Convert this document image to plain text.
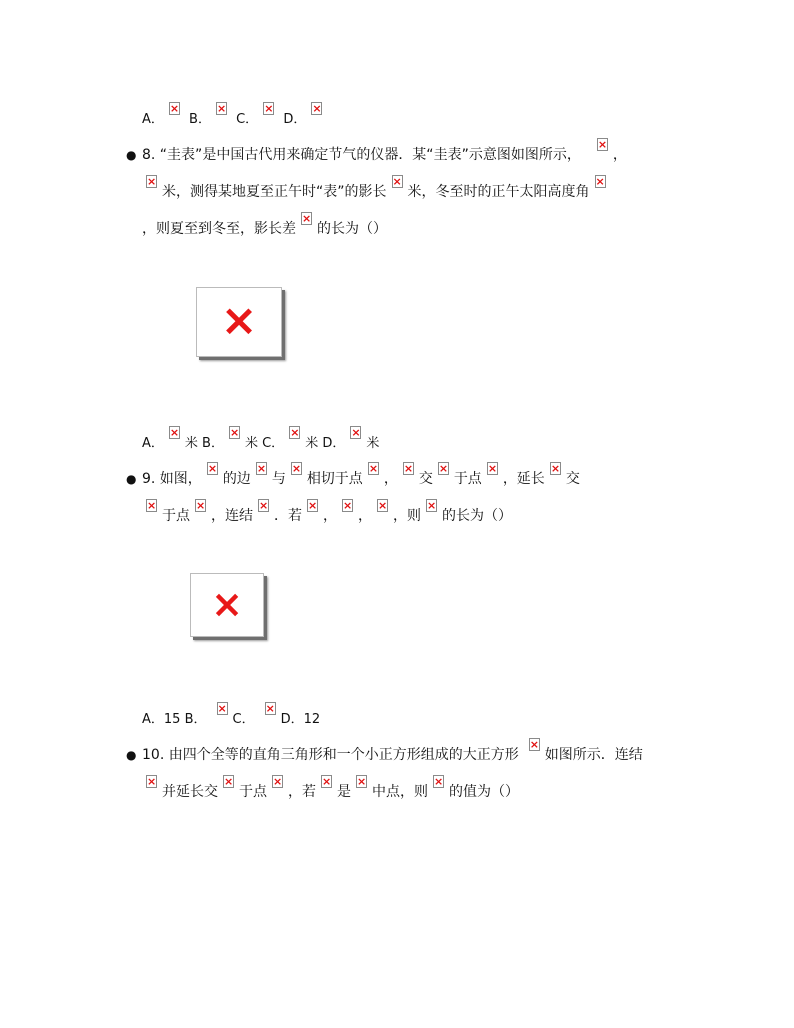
A．× B．× C．× D．×
● 8. “圭表”是中国古代用来确定节气的仪器．某“圭表”示意图如图所示，× ，
×米，测得某地夏至正午时“表”的影长× 米，冬至时的正午太阳高度角×
，则夏至到冬至，影长差× 的长为（）
×
A．× 米 B．× 米 C．× 米 D．× 米
● 9. 如图，× 的边× 与× 相切于点× ，× 交× 于点× ，延长× 交
×于点× ，连结× ．若× ，× ，× ，则× 的长为（）
×
A．15 B．× C．× D．12
● 10. 由四个全等的直角三角形和一个小正方形组成的大正方形× 如图所示．连结
×并延长交× 于点× ，若× 是× 中点，则× 的值为（）
